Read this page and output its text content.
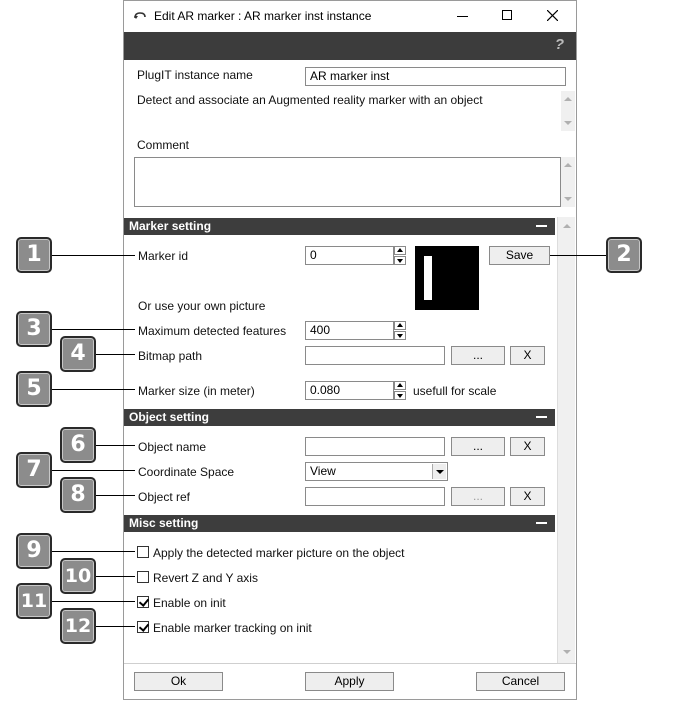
Edit AR marker : AR marker inst instance
?
PlugIT instance name	AR marker inst
Detect and associate an Augmented reality marker with an object
Comment
Marker setting
Marker id	0	Save
Or use your own picture
Maximum detected features	400
Bitmap path	...	X
Marker size (in meter)	0.080	usefull for scale
Object setting
Object name	...	X
Coordinate Space	View
Object ref	...	X
Misc setting
Apply the detected marker picture on the object
Revert Z and Y axis
Enable on init
Enable marker tracking on init
Ok	Apply	Cancel
1	2
3
4
5
6
7
8
9
10
11
12
